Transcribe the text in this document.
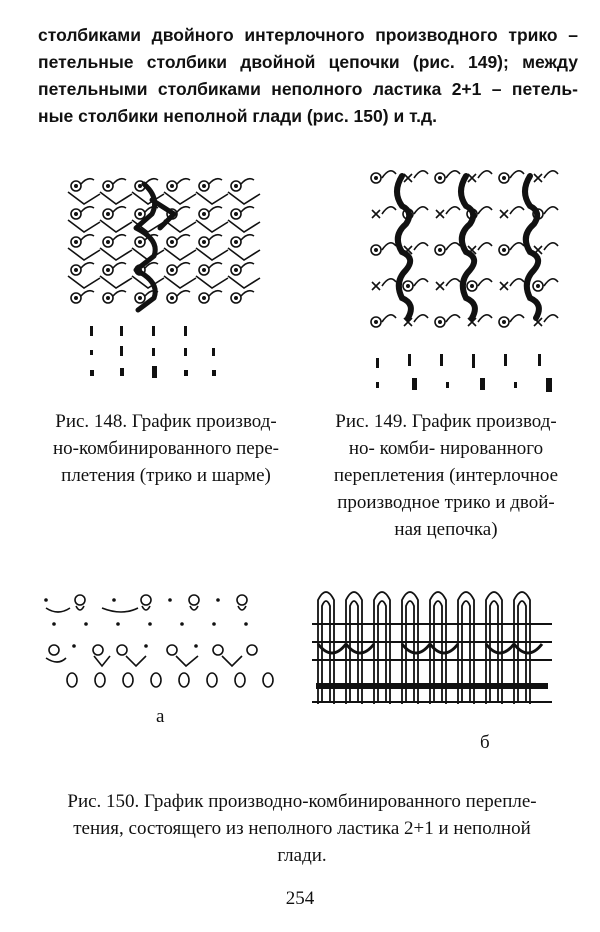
столбиками двойного интерлочного производного трико –
петельные столбики двойной цепочки (рис. 149); между
петельными столбиками неполного ластика 2+1 – петель-
ные столбики неполной глади (рис. 150) и т.д.
Рис. 148. График производ-
но-комбинированного пере-
плетения (трико и шарме)
Рис. 149. График производ-
но- комби- нированного
переплетения (интерлочное
производное трико и двой-
ная цепочка)
а
б
Рис. 150. График производно-комбинированного перепле-
тения, состоящего из неполного ластика 2+1 и неполной
глади.
254
